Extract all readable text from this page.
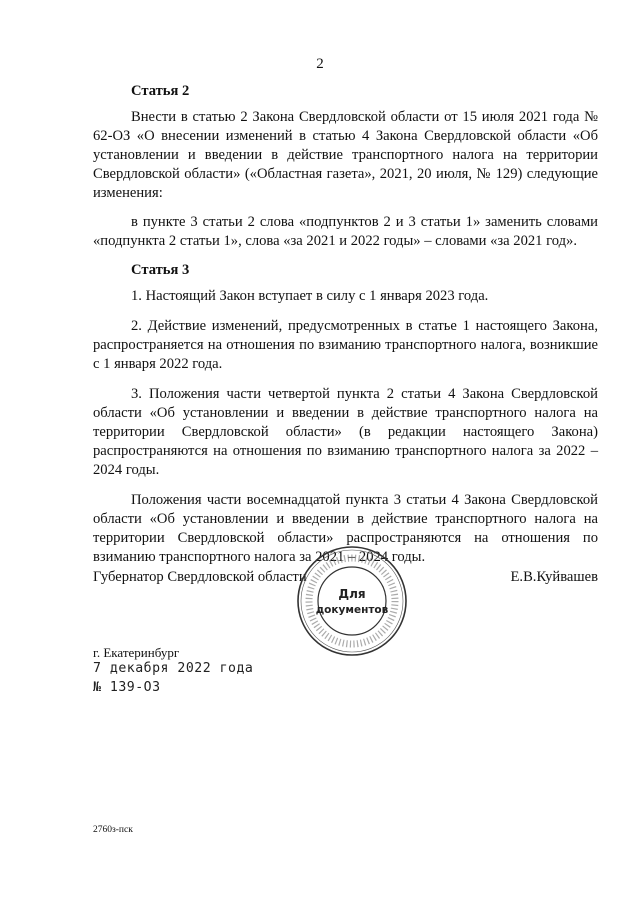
2

Статья 2

Внести в статью 2 Закона Свердловской области от 15 июля 2021 года № 62-ОЗ «О внесении изменений в статью 4 Закона Свердловской области «Об установлении и введении в действие транспортного налога на территории Свердловской области» («Областная газета», 2021, 20 июля, № 129) следующие изменения:

в пункте 3 статьи 2 слова «подпунктов 2 и 3 статьи 1» заменить словами «подпункта 2 статьи 1», слова «за 2021 и 2022 годы» – словами «за 2021 год».

Статья 3

1. Настоящий Закон вступает в силу с 1 января 2023 года.

2. Действие изменений, предусмотренных в статье 1 настоящего Закона, распространяется на отношения по взиманию транспортного налога, возникшие с 1 января 2022 года.

3. Положения части четвертой пункта 2 статьи 4 Закона Свердловской области «Об установлении и введении в действие транспортного налога на территории Свердловской области» (в редакции настоящего Закона) распространяются на отношения по взиманию транспортного налога за 2022 – 2024 годы.

Положения части восемнадцатой пункта 3 статьи 4 Закона Свердловской области «Об установлении и введении в действие транспортного налога на территории Свердловской области» распространяются на отношения по взиманию транспортного налога за 2021 – 2024 годы.

Губернатор Свердловской области	Е.В.Куйвашев
Для
документов
г. Екатеринбург
7 декабря 2022 года
№ 139-ОЗ
2760з-пск
